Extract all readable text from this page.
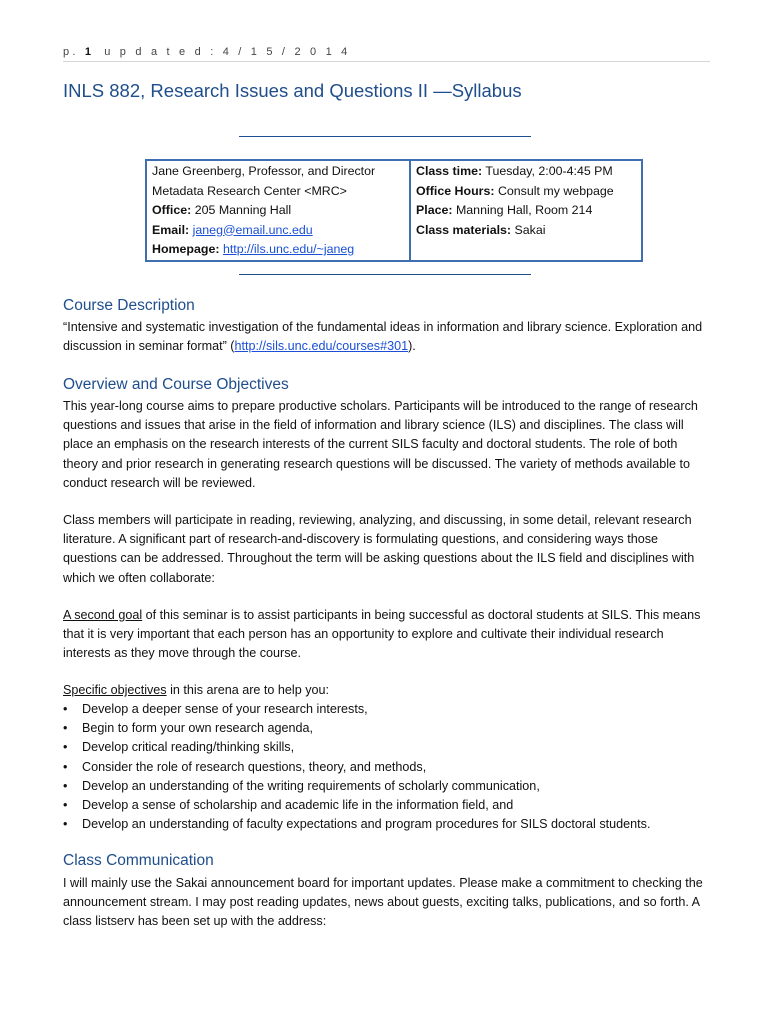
p. 1 u p d a t e d : 4 / 1 5 / 2 0 1 4
INLS 882, Research Issues and Questions II —Syllabus
Jane Greenberg, Professor, and Director
Metadata Research Center <MRC>
Office: 205 Manning Hall
Email: janeg@email.unc.edu
Homepage: http://ils.unc.edu/~janeg

Class time: Tuesday, 2:00-4:45 PM
Office Hours: Consult my webpage
Place: Manning Hall, Room 214
Class materials: Sakai
Course Description

“Intensive and systematic investigation of the fundamental ideas in information and library science. Exploration and discussion in seminar format” (http://sils.unc.edu/courses#301).

Overview and Course Objectives

This year-long course aims to prepare productive scholars. Participants will be introduced to the range of research questions and issues that arise in the field of information and library science (ILS) and disciplines. The class will place an emphasis on the research interests of the current SILS faculty and doctoral students. The role of both theory and prior research in generating research questions will be discussed. The variety of methods available to conduct research will be reviewed.

Class members will participate in reading, reviewing, analyzing, and discussing, in some detail, relevant research literature. A significant part of research-and-discovery is formulating questions, and considering ways those questions can be addressed. Throughout the term will be asking questions about the ILS field and disciplines with which we often collaborate:

A second goal of this seminar is to assist participants in being successful as doctoral students at SILS. This means that it is very important that each person has an opportunity to explore and cultivate their individual research interests as they move through the course.

Specific objectives in this arena are to help you:

• Develop a deeper sense of your research interests,
• Begin to form your own research agenda,
• Develop critical reading/thinking skills,
• Consider the role of research questions, theory, and methods,
• Develop an understanding of the writing requirements of scholarly communication,
• Develop a sense of scholarship and academic life in the information field, and
• Develop an understanding of faculty expectations and program procedures for SILS doctoral students.
Class Communication

I will mainly use the Sakai announcement board for important updates. Please make a commitment to checking the announcement stream. I may post reading updates, news about guests, exciting talks, publications, and so forth. A class listserv has been set up with the address:
